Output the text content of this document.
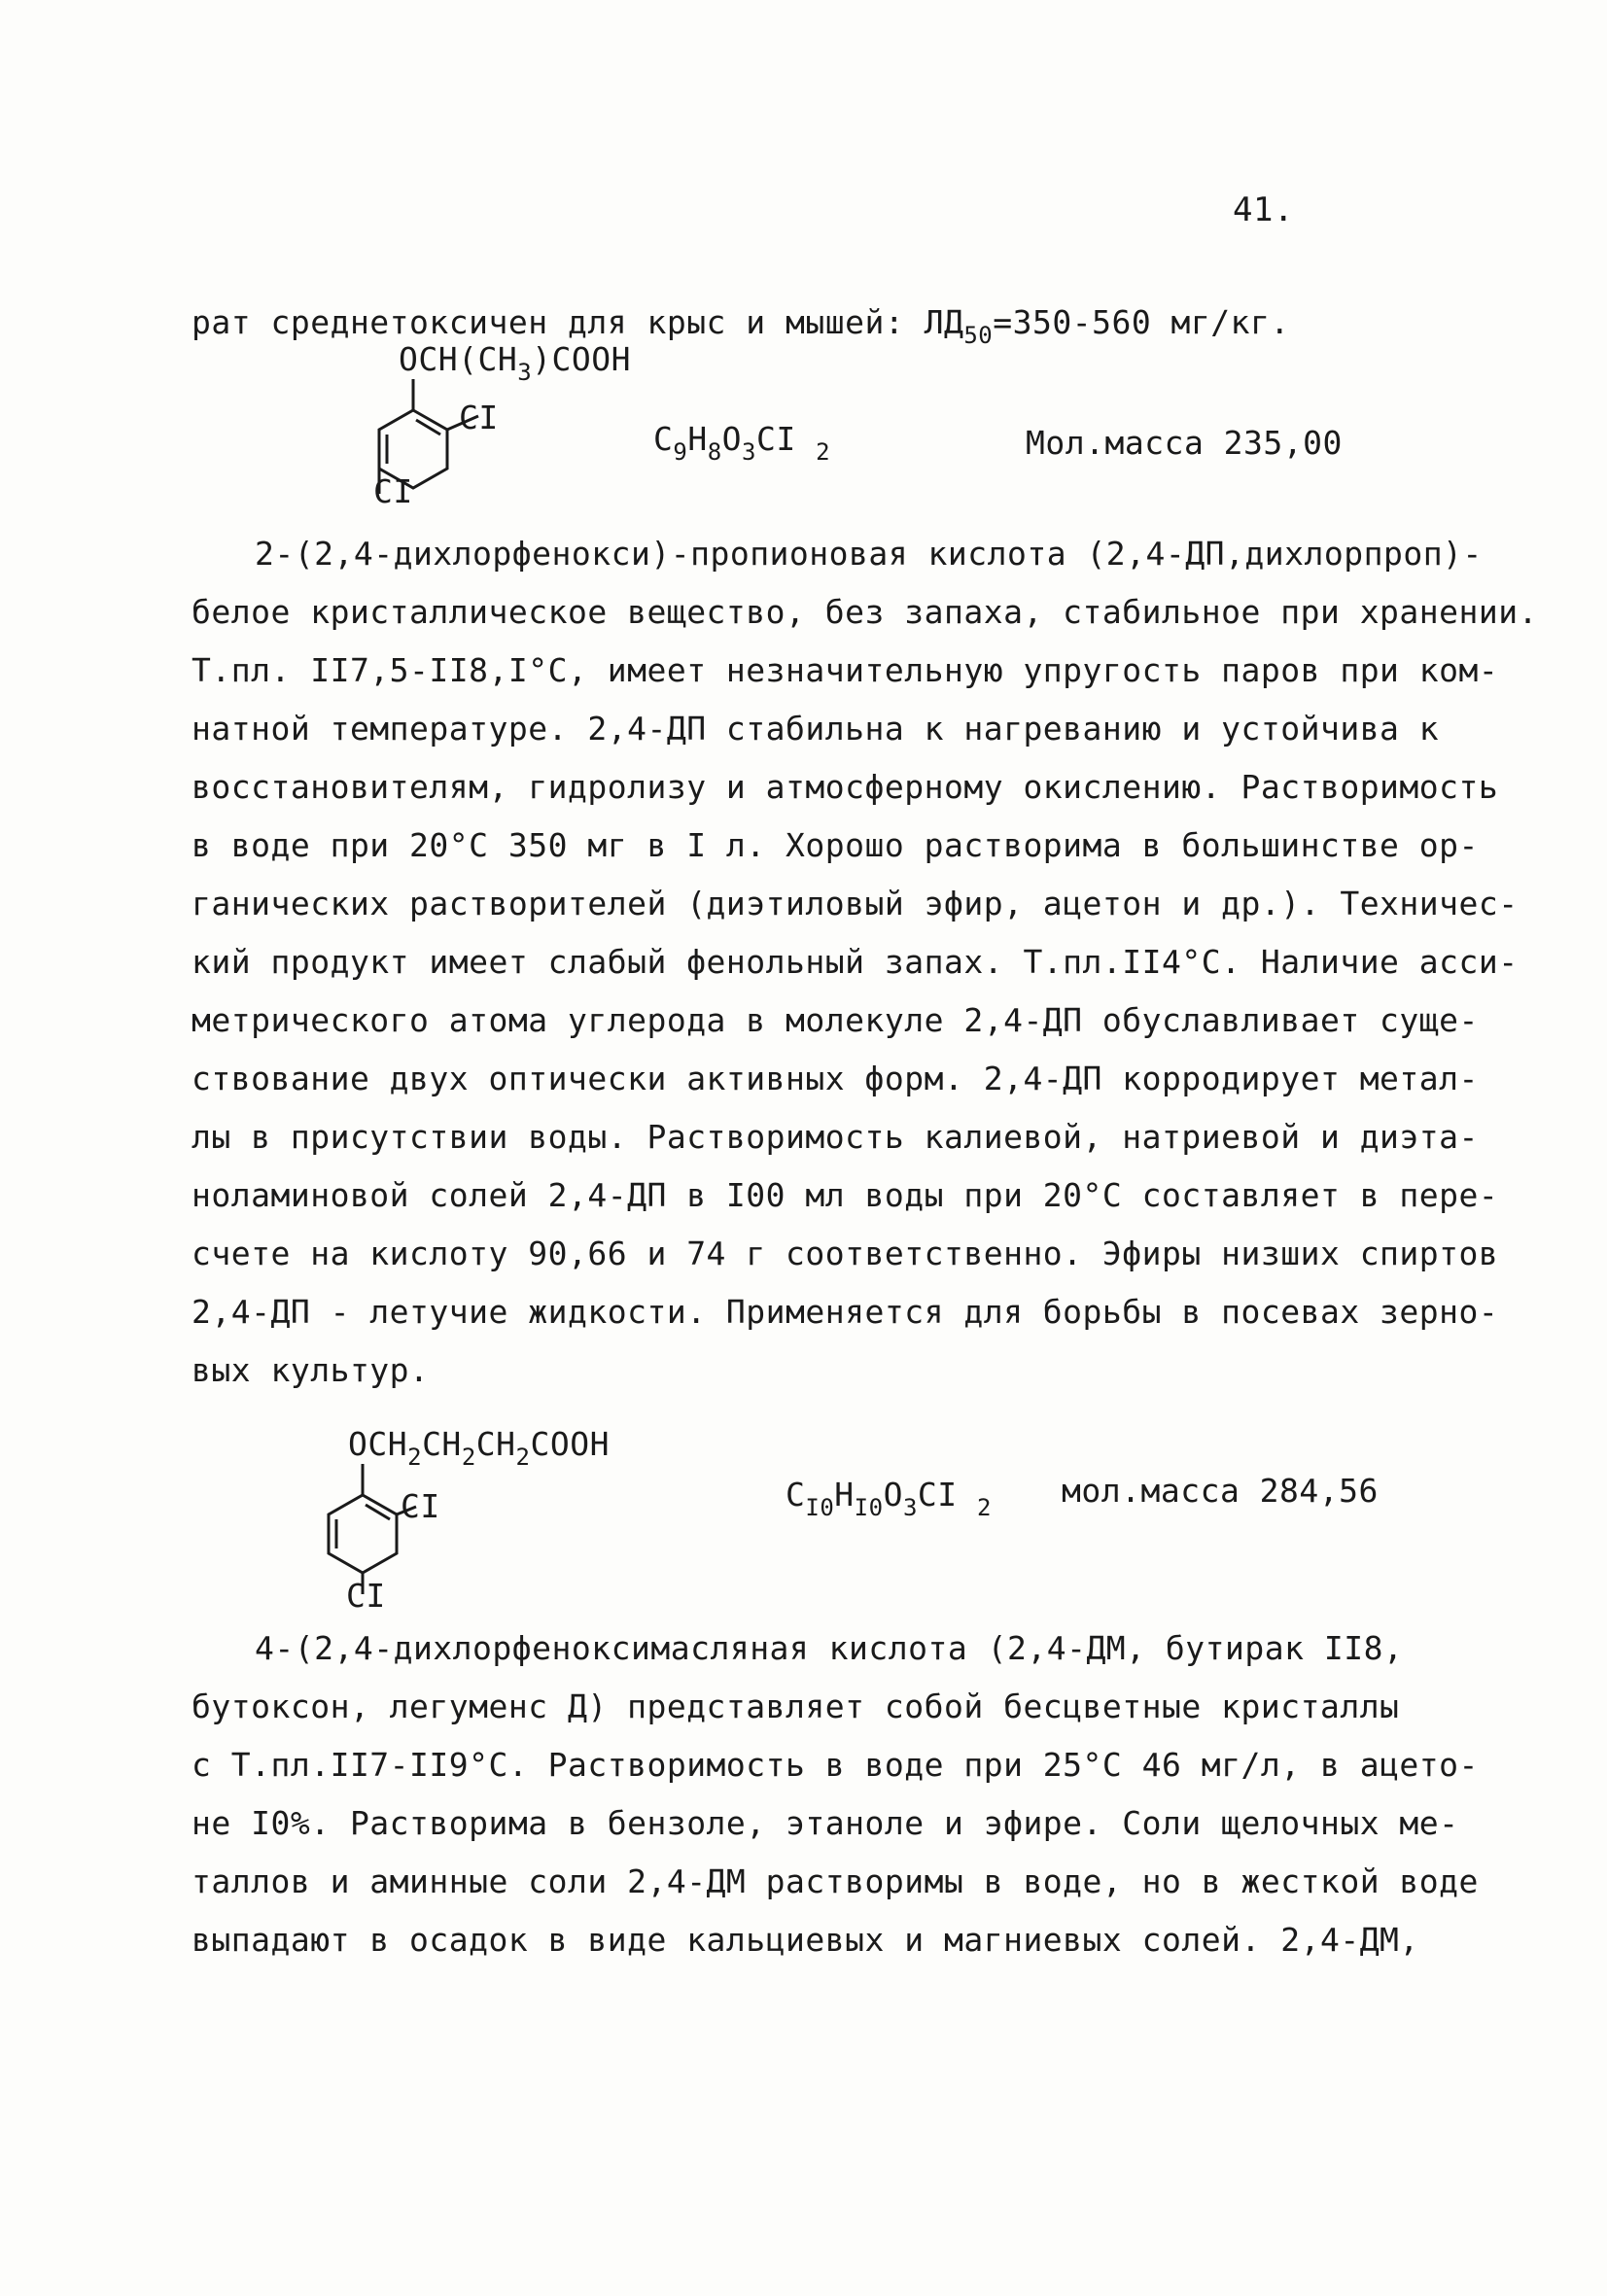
41.
рат среднетоксичен для крыс и мышей: $ЛД_{50}=350-560$ мг/кг.
$OCH(CH_3)COOH$
CI
CI
$C_9H_8O_3CI$ $_2$	Мол.масса 235,00
2-(2,4-дихлорфенокси)-пропионовая кислота (2,4-ДП,дихлорпроп)-
белое кристаллическое вещество, без запаха, стабильное при хранении.
Т.пл. II7,5-II8,I°C, имеет незначительную упругость паров при ком-
натной температуре. 2,4-ДП стабильна к нагреванию и устойчива к
восстановителям, гидролизу и атмосферному окислению. Растворимость
в воде при 20°С 350 мг в I л. Хорошо растворима в большинстве ор-
ганических растворителей (диэтиловый эфир, ацетон и др.). Техничес-
кий продукт имеет слабый фенольный запах. Т.пл.II4°С. Наличие асси-
метрического атома углерода в молекуле 2,4-ДП обуславливает суще-
ствование двух оптически активных форм. 2,4-ДП корродирует метал-
лы в присутствии воды. Растворимость калиевой, натриевой и диэта-
ноламиновой солей 2,4-ДП в I00 мл воды при 20°С составляет в пере-
счете на кислоту 90,66 и 74 г соответственно. Эфиры низших спиртов
2,4-ДП - летучие жидкости. Применяется для борьбы в посевах зерно-
вых культур.
$OCH_2CH_2CH_2COOH$
CI
CI
$C_{I0}H_{I0}O_3CI$ $_2$ мол.масса 284,56
4-(2,4-дихлорфеноксимасляная кислота (2,4-ДМ, бутирак II8,
бутоксон, легуменс Д) представляет собой бесцветные кристаллы
с Т.пл.II7-II9°С. Растворимость в воде при 25°С 46 мг/л, в ацето-
не I0%. Растворима в бензоле, этаноле и эфире. Соли щелочных ме-
таллов и аминные соли 2,4-ДМ растворимы в воде, но в жесткой воде
выпадают в осадок в виде кальциевых и магниевых солей. 2,4-ДМ,
